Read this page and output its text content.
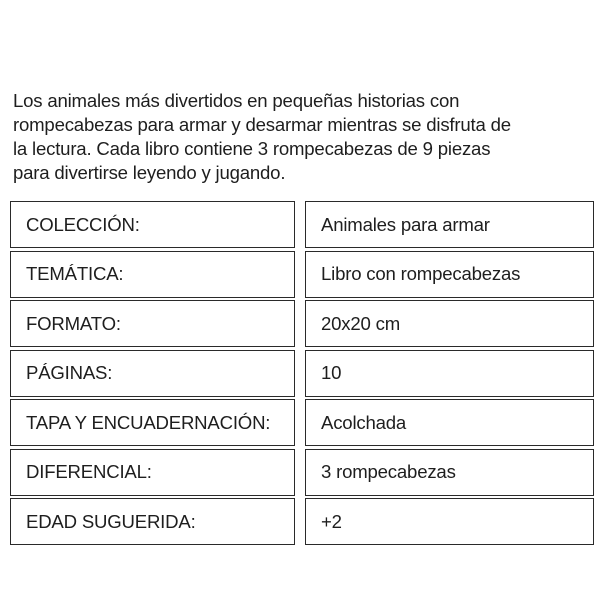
Los animales más divertidos en pequeñas historias con
rompecabezas para armar y desarmar mientras se disfruta de
la lectura. Cada libro contiene 3 rompecabezas de 9 piezas
para divertirse leyendo y jugando.

COLECCIÓN:	Animales para armar
TEMÁTICA:	Libro con rompecabezas
FORMATO:	20x20 cm
PÁGINAS:	10
TAPA Y ENCUADERNACIÓN:	Acolchada
DIFERENCIAL:	3 rompecabezas
EDAD SUGUERIDA:	+2
